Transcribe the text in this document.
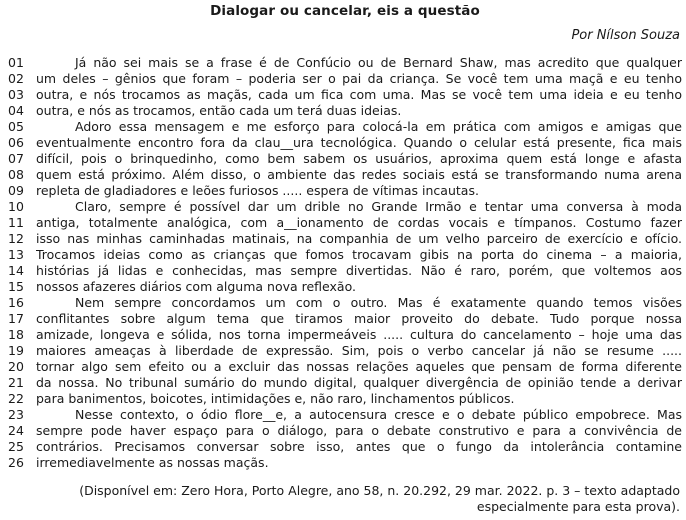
Dialogar ou cancelar, eis a questão
Por Nílson Souza
01	Já não sei mais se a frase é de Confúcio ou de Bernard Shaw, mas acredito que qualquer
02 um deles – gênios que foram – poderia ser o pai da criança. Se você tem uma maçã e eu tenho
03 outra, e nós trocamos as maçãs, cada um fica com uma. Mas se você tem uma ideia e eu tenho
04 outra, e nós as trocamos, então cada um terá duas ideias.
05	Adoro essa mensagem e me esforço para colocá-la em prática com amigos e amigas que
06 eventualmente encontro fora da clau__ura tecnológica. Quando o celular está presente, fica mais
07 difícil, pois o brinquedinho, como bem sabem os usuários, aproxima quem está longe e afasta
08 quem está próximo. Além disso, o ambiente das redes sociais está se transformando numa arena
09 repleta de gladiadores e leões furiosos ..... espera de vítimas incautas.
10	Claro, sempre é possível dar um drible no Grande Irmão e tentar uma conversa à moda
11 antiga, totalmente analógica, com a__ionamento de cordas vocais e tímpanos. Costumo fazer
12 isso nas minhas caminhadas matinais, na companhia de um velho parceiro de exercício e ofício.
13 Trocamos ideias como as crianças que fomos trocavam gibis na porta do cinema – a maioria,
14 histórias já lidas e conhecidas, mas sempre divertidas. Não é raro, porém, que voltemos aos
15 nossos afazeres diários com alguma nova reflexão.
16	Nem sempre concordamos um com o outro. Mas é exatamente quando temos visões
17 conflitantes sobre algum tema que tiramos maior proveito do debate. Tudo porque nossa
18 amizade, longeva e sólida, nos torna impermeáveis ..... cultura do cancelamento – hoje uma das
19 maiores ameaças à liberdade de expressão. Sim, pois o verbo cancelar já não se resume .....
20 tornar algo sem efeito ou a excluir das nossas relações aqueles que pensam de forma diferente
21 da nossa. No tribunal sumário do mundo digital, qualquer divergência de opinião tende a derivar
22 para banimentos, boicotes, intimidações e, não raro, linchamentos públicos.
23	Nesse contexto, o ódio flore__e, a autocensura cresce e o debate público empobrece. Mas
24 sempre pode haver espaço para o diálogo, para o debate construtivo e para a convivência de
25 contrários. Precisamos conversar sobre isso, antes que o fungo da intolerância contamine
26 irremediavelmente as nossas maçãs.
(Disponível em: Zero Hora, Porto Alegre, ano 58, n. 20.292, 29 mar. 2022. p. 3 – texto adaptado
especialmente para esta prova).
